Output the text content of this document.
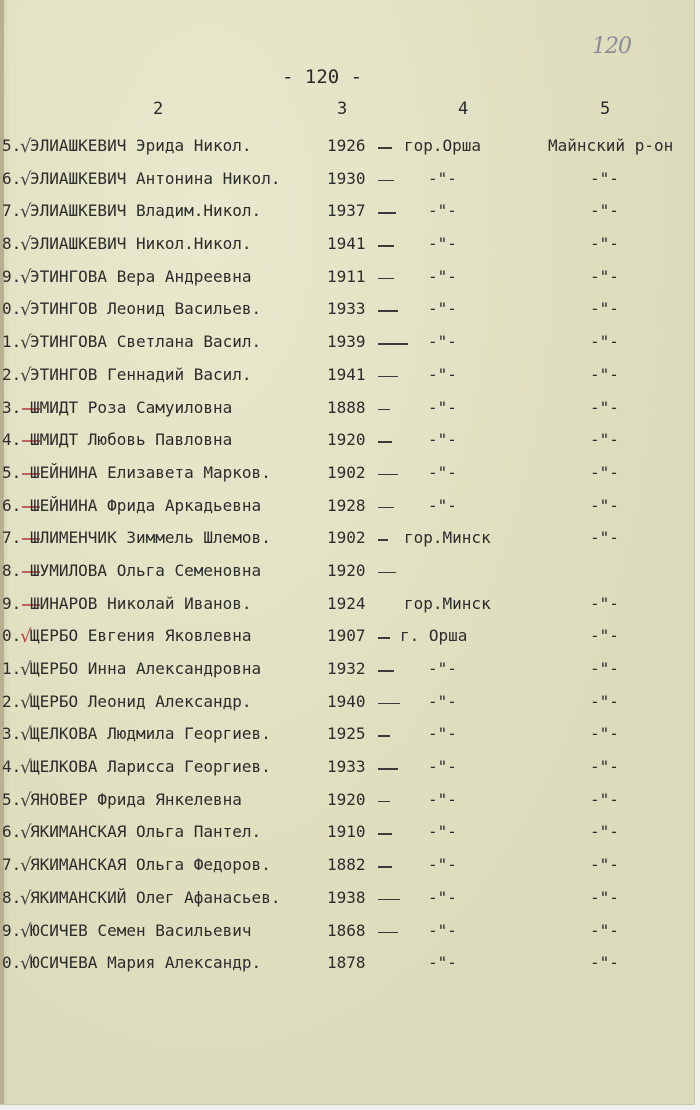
120
- 120 -
2	3	4	5
5.
√
ЭЛИАШКЕВИЧ Эрида Никол.	1926 гор.Орша	Майнский р-он
6.
√
ЭЛИАШКЕВИЧ Антонина Никол.	1930	-"-	-"-
7.
√
ЭЛИАШКЕВИЧ Владим.Никол.	1937	-"-	-"-
8.
√
ЭЛИАШКЕВИЧ Никол.Никол.	1941	-"-	-"-
9.
√
ЭТИНГОВА Вера Андреевна	1911	-"-	-"-
0.
√
ЭТИНГОВ Леонид Васильев.	1933	-"-	-"-
1.
√
ЭТИНГОВА Светлана Васил.	1939	-"-	-"-
2.
√
ЭТИНГОВ Геннадий Васил.	1941	-"-	-"-
3. ШМИДТ Роза Самуиловна	1888	-"-	-"-
4. ШМИДТ Любовь Павловна	1920	-"-	-"-
5. ШЕЙНИНА Елизавета Марков.	1902	-"-	-"-
6. ШЕЙНИНА Фрида Аркадьевна	1928	-"-	-"-
7. ШЛИМЕНЧИК Зиммель Шлемов.	1902 гор.Минск	-"-
8. ШУМИЛОВА Ольга Семеновна	1920
9. ШИНАРОВ Николай Иванов.	1924 гор.Минск	-"-
0.
√
ЩЕРБО Евгения Яковлевна	1907 г. Орша	-"-
1.
√
ЩЕРБО Инна Александровна	1932	-"-	-"-
2.
√
ЩЕРБО Леонид Александр.	1940	-"-	-"-
3.
√
ЩЕЛКОВА Людмила Георгиев.	1925	-"-	-"-
4.
√
ЩЕЛКОВА Ларисса Георгиев.	1933	-"-	-"-
5.
√
ЯНОВЕР Фрида Янкелевна	1920	-"-	-"-
6.
√
ЯКИМАНСКАЯ Ольга Пантел.	1910	-"-	-"-
7.
√
ЯКИМАНСКАЯ Ольга Федоров.	1882	-"-	-"-
8.
√
ЯКИМАНСКИЙ Олег Афанасьев.	1938	-"-	-"-
9.
√
ЮСИЧЕВ Семен Васильевич	1868	-"-	-"-
0.
√
ЮСИЧЕВА Мария Александр.	1878	-"-	-"-
